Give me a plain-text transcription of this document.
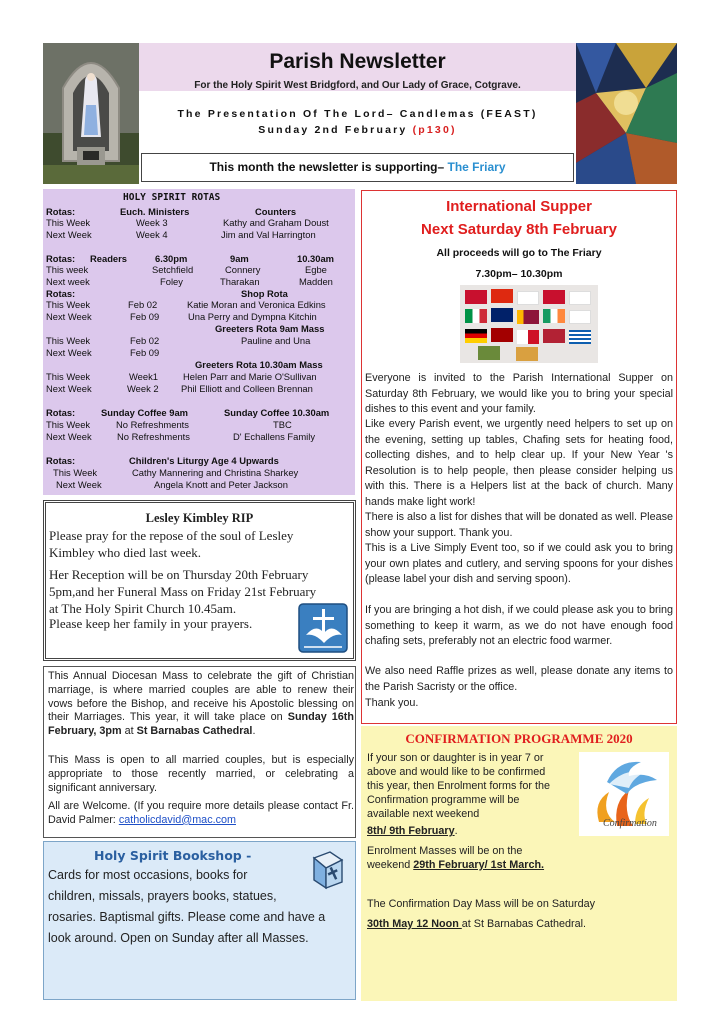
Parish Newsletter
For the Holy Spirit West Bridgford, and Our Lady of Grace, Cotgrave.
The Presentation Of The Lord– Candlemas (FEAST)
Sunday 2nd February (p130)
This month the newsletter is supporting– The Friary
HOLY SPIRIT ROTAS
Rotas:	Euch. Ministers	Counters
This Week	Week 3	Kathy and Graham Doust
Next Week	Week 4	Jim and Val Harrington
Rotas: Readers	6.30pm	9am	10.30am
This week	Setchfield	Connery	Egbe
Next week	Foley	Tharakan	Madden
Rotas:	Shop Rota
This Week	Feb 02	Katie Moran and Veronica Edkins
Next Week	Feb 09	Una Perry and Dympna Kitchin
Greeters Rota 9am Mass
This Week	Feb 02	Pauline and Una
Next Week	Feb 09
Greeters Rota 10.30am Mass
This Week	Week1	Helen Parr and Marie O'Sullivan
Next Week	Week 2 Phil Elliott and Colleen Brennan
Rotas:	Sunday Coffee 9am	Sunday Coffee 10.30am
This Week	No Refreshments	TBC
Next Week	No Refreshments	D' Echallens Family
Rotas:	Children's Liturgy Age 4 Upwards
This Week	Cathy Mannering and Christina Sharkey
Next Week	Angela Knott and Peter Jackson
Lesley Kimbley RIP
Please pray for the repose of the soul of Lesley
Kimbley who died last week.
Her Reception will be on Thursday 20th February
5pm,and her Funeral Mass on Friday 21st February
at The Holy Spirit Church 10.45am.
Please keep her family in your prayers.
This Annual Diocesan Mass to celebrate the gift of Christian marriage, is where married couples are able to renew their vows before the Bishop, and receive his Apostolic blessing on their Marriages. This year, it will take place on Sunday 16th February, 3pm at St Barnabas Cathedral.
This Mass is open to all married couples, but is especially appropriate to those recently married, or celebrating a significant anniversary.
All are Welcome. (If you require more details please contact Fr. David Palmer: catholicdavid@mac.com
Holy Spirit Bookshop -
Cards for most occasions, books for
children, missals, prayers books, statues,
rosaries. Baptismal gifts. Please come and have a
look around. Open on Sunday after all Masses.
International Supper
Next Saturday 8th February
All proceeds will go to The Friary
7.30pm– 10.30pm
Everyone is invited to the Parish International Supper on Saturday 8th February, we would like you to bring your special dishes to this event and your family.
Like every Parish event, we urgently need helpers to set up on the evening, setting up tables, Chafing sets for heating food, collecting dishes, and to help clear up. If your New Year 's Resolution is to help people, then please consider helping us with this. There is a Helpers list at the back of church. Many hands make light work!
There is also a list for dishes that will be donated as well. Please show your support. Thank you.
This is a Live Simply Event too, so if we could ask you to bring your own plates and cutlery, and serving spoons for your dishes (please label your dish and serving spoon).
If you are bringing a hot dish, if we could please ask you to bring something to keep it warm, as we do not have enough food chafing sets, preferably not an electric food warmer.
We also need Raffle prizes as well, please donate any items to the Parish Sacristy or the office.
Thank you.
CONFIRMATION PROGRAMME 2020
If your son or daughter is in year 7 or
above and would like to be confirmed
this year, then Enrolment forms for the
Confirmation programme will be
available next weekend
8th/ 9th February.
Enrolment Masses will be on the
weekend 29th February/ 1st March.
The Confirmation Day Mass will be on Saturday
30th May 12 Noon at St Barnabas Cathedral.
Confirmation
